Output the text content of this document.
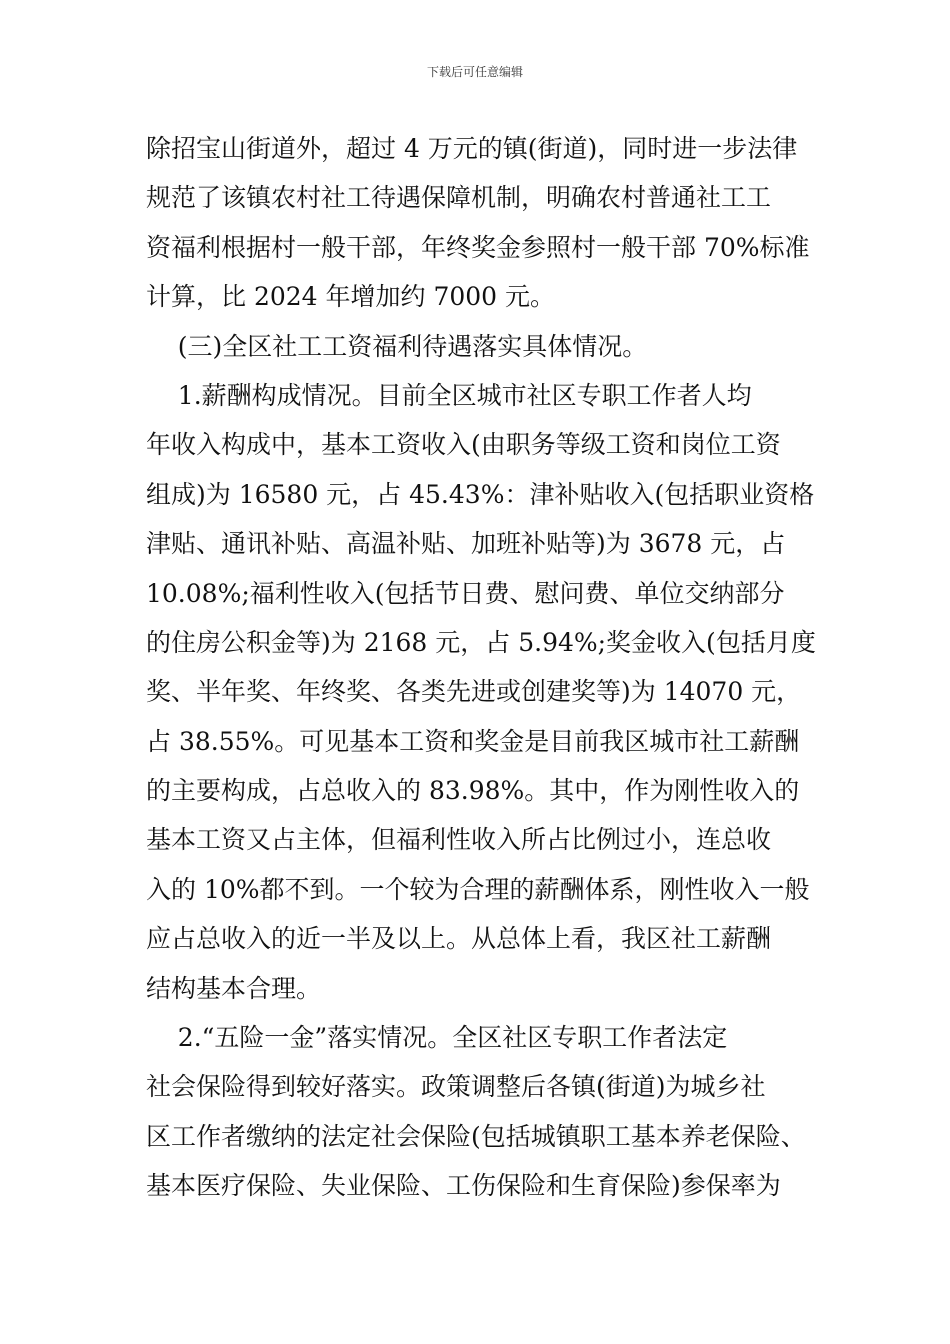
下载后可任意编辑
除招宝山街道外，超过 4 万元的镇(街道)，同时进一步法律
规范了该镇农村社工待遇保障机制，明确农村普通社工工
资福利根据村一般干部，年终奖金参照村一般干部 70%标准
计算，比 2024 年增加约 7000 元。
(三)全区社工工资福利待遇落实具体情况。
1.薪酬构成情况。目前全区城市社区专职工作者人均
年收入构成中，基本工资收入(由职务等级工资和岗位工资
组成)为 16580 元，占 45.43%：津补贴收入(包括职业资格
津贴、通讯补贴、高温补贴、加班补贴等)为 3678 元，占
10.08%;福利性收入(包括节日费、慰问费、单位交纳部分
的住房公积金等)为 2168 元，占 5.94%;奖金收入(包括月度
奖、半年奖、年终奖、各类先进或创建奖等)为 14070 元，
占 38.55%。可见基本工资和奖金是目前我区城市社工薪酬
的主要构成，占总收入的 83.98%。其中，作为刚性收入的
基本工资又占主体，但福利性收入所占比例过小，连总收
入的 10%都不到。一个较为合理的薪酬体系，刚性收入一般
应占总收入的近一半及以上。从总体上看，我区社工薪酬
结构基本合理。
2.“五险一金”落实情况。全区社区专职工作者法定
社会保险得到较好落实。政策调整后各镇(街道)为城乡社
区工作者缴纳的法定社会保险(包括城镇职工基本养老保险、
基本医疗保险、失业保险、工伤保险和生育保险)参保率为
